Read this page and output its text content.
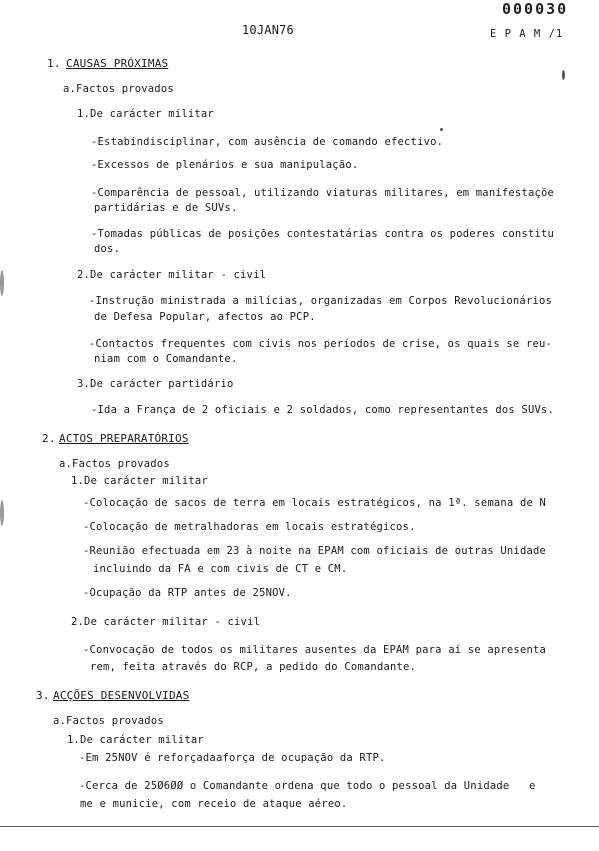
10JAN76
000030
E P A M /1
1. CAUSAS PRÓXIMAS
a.Factos provados
1.De carácter militar
-Estabindisciplinar, com ausência de comando efectivo.
-Excessos de plenários e sua manipulação.
-Comparência de pessoal, utilizando viaturas militares, em manifestaçõe
partidárias e de SUVs.
-Tomadas públicas de posições contestatárias contra os poderes constitu
dos.
2.De carácter militar - civil
-Instrução ministrada a milícias, organizadas em Corpos Revolucionários
de Defesa Popular, afectos ao PCP.
-Contactos frequentes com civis nos períodos de crise, os quais se reu-
niam com o Comandante.
3.De carácter partidário
-Ida a França de 2 oficiais e 2 soldados, como representantes dos SUVs.
2. ACTOS PREPARATÓRIOS
a.Factos provados
1.De carácter militar
-Colocação de sacos de terra em locais estratégicos, na 1ª. semana de N
-Colocação de metralhadoras em locais estratégicos.
-Reunião efectuada em 23 à noite na EPAM com oficiais de outras Unidade
incluindo da FA e com civis de CT e CM.
-Ocupação da RTP antes de 25NOV.
2.De carácter militar - civil
-Convocação de todos os militares ausentes da EPAM para aí se apresenta
rem, feita através do RCP, a pedido do Comandante.
3. ACÇÕES DESENVOLVIDAS
a.Factos provados
1.De carácter militar
-Em 25NOV é reforçadaaforça de ocupação da RTP.
-Cerca de 25Ø6ØØ o Comandante ordena que todo o pessoal da Unidade   e
me e municie, com receio de ataque aéreo.
